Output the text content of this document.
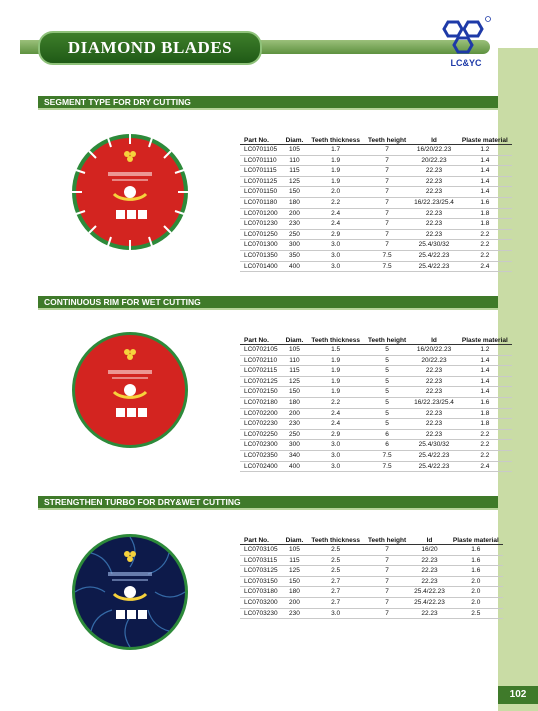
102
DIAMOND BLADES
LC&YC
SEGMENT TYPE FOR DRY CUTTING
Part No.	Diam.	Teeth thickness	Teeth height	Id	Plaste material
LC0701105	105	1.7	7	16/20/22.23	1.2
LC0701110	110	1.9	7	20/22.23	1.4
LC0701115	115	1.9	7	22.23	1.4
LC0701125	125	1.9	7	22.23	1.4
LC0701150	150	2.0	7	22.23	1.4
LC0701180	180	2.2	7	16/22.23/25.4	1.6
LC0701200	200	2.4	7	22.23	1.8
LC0701230	230	2.4	7	22.23	1.8
LC0701250	250	2.9	7	22.23	2.2
LC0701300	300	3.0	7	25.4/30/32	2.2
LC0701350	350	3.0	7.5	25.4/22.23	2.2
LC0701400	400	3.0	7.5	25.4/22.23	2.4
CONTINUOUS RIM FOR WET CUTTING
Part No.	Diam.	Teeth thickness	Teeth height	Id	Plaste material
LC0702105	105	1.5	5	16/20/22.23	1.2
LC0702110	110	1.9	5	20/22.23	1.4
LC0702115	115	1.9	5	22.23	1.4
LC0702125	125	1.9	5	22.23	1.4
LC0702150	150	1.9	5	22.23	1.4
LC0702180	180	2.2	5	16/22.23/25.4	1.6
LC0702200	200	2.4	5	22.23	1.8
LC0702230	230	2.4	5	22.23	1.8
LC0702250	250	2.9	6	22.23	2.2
LC0702300	300	3.0	6	25.4/30/32	2.2
LC0702350	340	3.0	7.5	25.4/22.23	2.2
LC0702400	400	3.0	7.5	25.4/22.23	2.4
STRENGTHEN TURBO FOR DRY&WET CUTTING
Part No.	Diam.	Teeth thickness	Teeth height	Id	Plaste material
LC0703105	105	2.5	7	16/20	1.6
LC0703115	115	2.5	7	22.23	1.6
LC0703125	125	2.5	7	22.23	1.6
LC0703150	150	2.7	7	22.23	2.0
LC0703180	180	2.7	7	25.4/22.23	2.0
LC0703200	200	2.7	7	25.4/22.23	2.0
LC0703230	230	3.0	7	22.23	2.5
